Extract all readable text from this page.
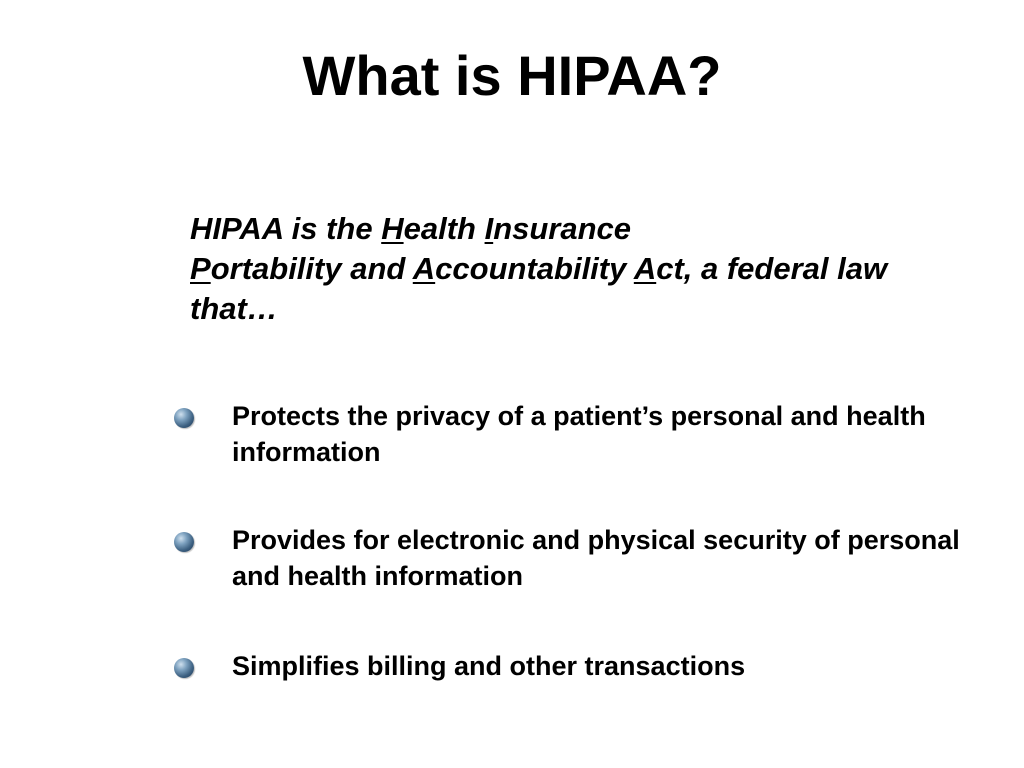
What is HIPAA?

HIPAA is the Health Insurance
Portability and Accountability Act, a federal law that…

Protects the privacy of a patient’s personal and health information
Provides for electronic and physical security of personal and health information
Simplifies billing and other transactions
